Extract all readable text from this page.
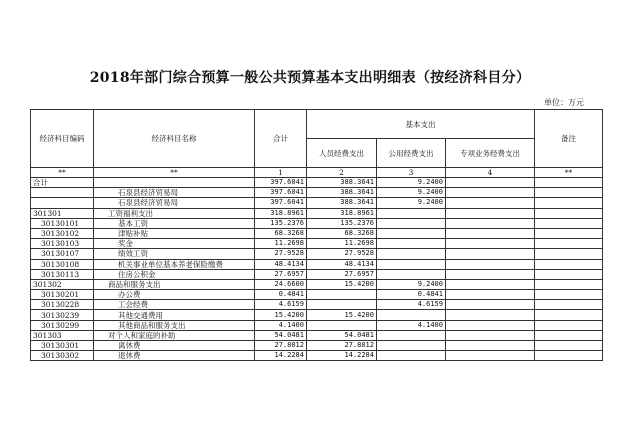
2018年部门综合预算一般公共预算基本支出明细表（按经济科目分）
单位：万元
经济科目编码	经济科目名称	合计	基本支出			备注
			人员经费支出	公用经费支出	专项业务经费支出	
**	**	1	2	3	4	**
合计		397.6041	388.3641	9.2400		
	石泉县经济贸易局	397.6041	388.3641	9.2400		
	石泉县经济贸易局	397.6041	388.3641	9.2400		
301301	工资福利支出	318.8961	318.8961			
30130101	基本工资	135.2376	135.2376			
30130102	津贴补贴	68.3268	68.3268			
30130103	奖金	11.2698	11.2698			
30130107	绩效工资	27.9528	27.9528			
30130108	机关事业单位基本养老保险缴费	48.4134	48.4134			
30130113	住房公积金	27.6957	27.6957			
301302	商品和服务支出	24.6600	15.4200	9.2400		
30130201	办公费	0.4841		0.4841		
30130228	工会经费	4.6159		4.6159		
30130239	其他交通费用	15.4200	15.4200			
30130299	其他商品和服务支出	4.1400		4.1400		
301303	对个人和家庭的补助	54.0481	54.0481			
30130301	离休费	27.8012	27.8012			
30130302	退休费	14.2284	14.2284			
